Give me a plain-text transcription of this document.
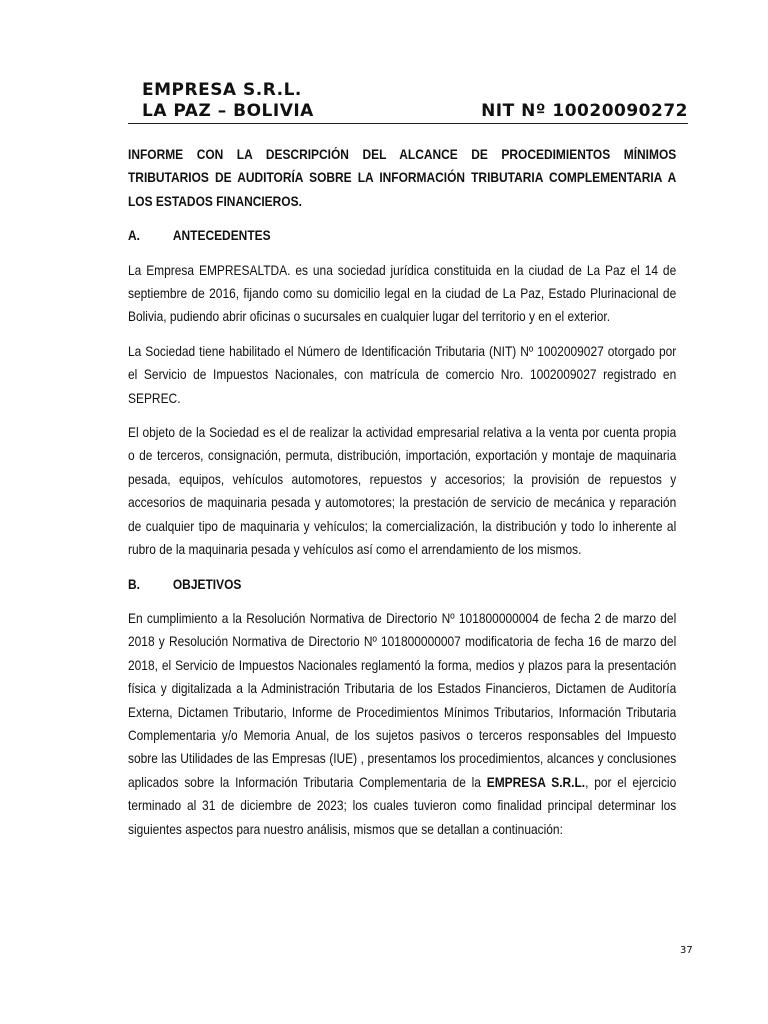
EMPRESA S.R.L.
LA PAZ – BOLIVIA	NIT Nº 10020090272

INFORME CON LA DESCRIPCIÓN DEL ALCANCE DE PROCEDIMIENTOS MÍNIMOS TRIBUTARIOS DE AUDITORÍA SOBRE LA INFORMACIÓN TRIBUTARIA COMPLEMENTARIA A LOS ESTADOS FINANCIEROS.

A.	ANTECEDENTES

La Empresa EMPRESALTDA. es una sociedad jurídica constituida en la ciudad de La Paz el 14 de septiembre de 2016, fijando como su domicilio legal en la ciudad de La Paz, Estado Plurinacional de Bolivia, pudiendo abrir oficinas o sucursales en cualquier lugar del territorio y en el exterior.

La Sociedad tiene habilitado el Número de Identificación Tributaria (NIT) Nº 1002009027 otorgado por el Servicio de Impuestos Nacionales, con matrícula de comercio Nro. 1002009027 registrado en SEPREC.

El objeto de la Sociedad es el de realizar la actividad empresarial relativa a la venta por cuenta propia o de terceros, consignación, permuta, distribución, importación, exportación y montaje de maquinaria pesada, equipos, vehículos automotores, repuestos y accesorios; la provisión de repuestos y accesorios de maquinaria pesada y automotores; la prestación de servicio de mecánica y reparación de cualquier tipo de maquinaria y vehículos; la comercialización, la distribución y todo lo inherente al rubro de la maquinaria pesada y vehículos así como el arrendamiento de los mismos.

B.	OBJETIVOS

En cumplimiento a la Resolución Normativa de Directorio Nº 101800000004 de fecha 2 de marzo del 2018 y Resolución Normativa de Directorio Nº 101800000007 modificatoria de fecha 16 de marzo del 2018, el Servicio de Impuestos Nacionales reglamentó la forma, medios y plazos para la presentación física y digitalizada a la Administración Tributaria de los Estados Financieros, Dictamen de Auditoría Externa, Dictamen Tributario, Informe de Procedimientos Mínimos Tributarios, Información Tributaria Complementaria y/o Memoria Anual, de los sujetos pasivos o terceros responsables del Impuesto sobre las Utilidades de las Empresas (IUE) , presentamos los procedimientos, alcances y conclusiones aplicados sobre la Información Tributaria Complementaria de la EMPRESA S.R.L., por el ejercicio terminado al 31 de diciembre de 2023; los cuales tuvieron como finalidad principal determinar los siguientes aspectos para nuestro análisis, mismos que se detallan a continuación:

37
